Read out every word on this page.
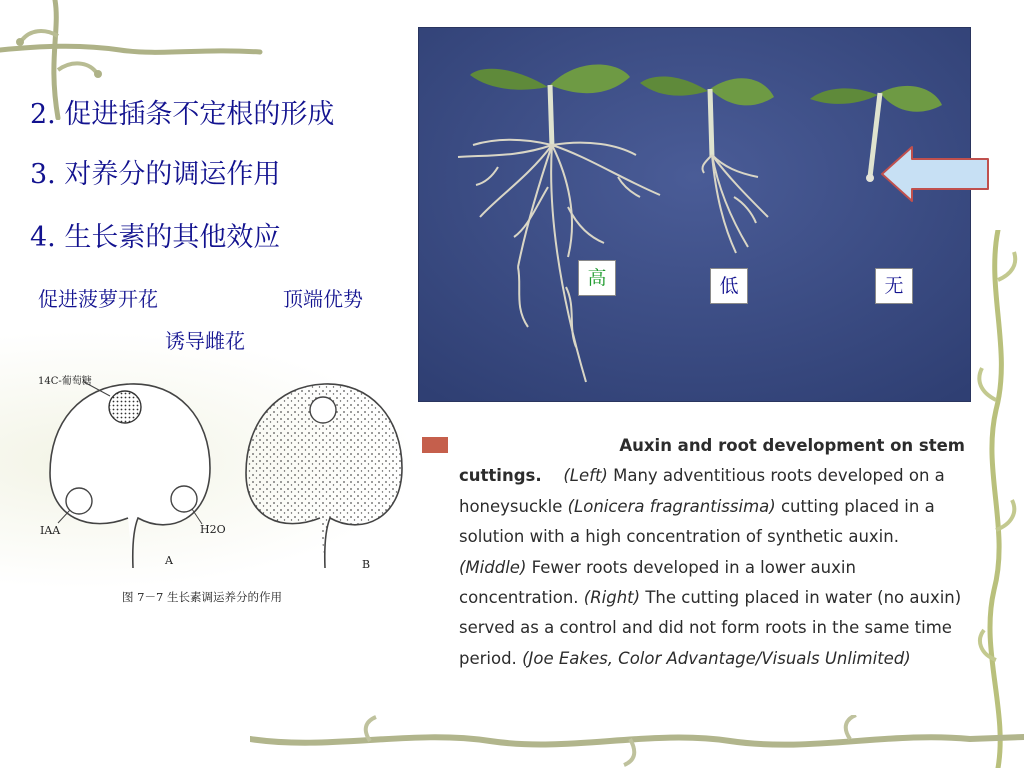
2. 促进插条不定根的形成
3. 对养分的调运作用
4. 生长素的其他效应
促进菠萝开花	顶端优势
诱导雌花
14C-葡萄糖
IAA	H2O
A	B
图 7－7 生长素调运养分的作用
高	低	无
Auxin and root development on stem
cuttings.   (Left) Many adventitious roots developed on a honeysuckle (Lonicera fragrantissima) cutting placed in a solution with a high concentration of synthetic auxin. (Middle) Fewer roots developed in a lower auxin concentration. (Right) The cutting placed in water (no auxin) served as a control and did not form roots in the same time period. (Joe Eakes, Color Advantage/Visuals Unlimited)
